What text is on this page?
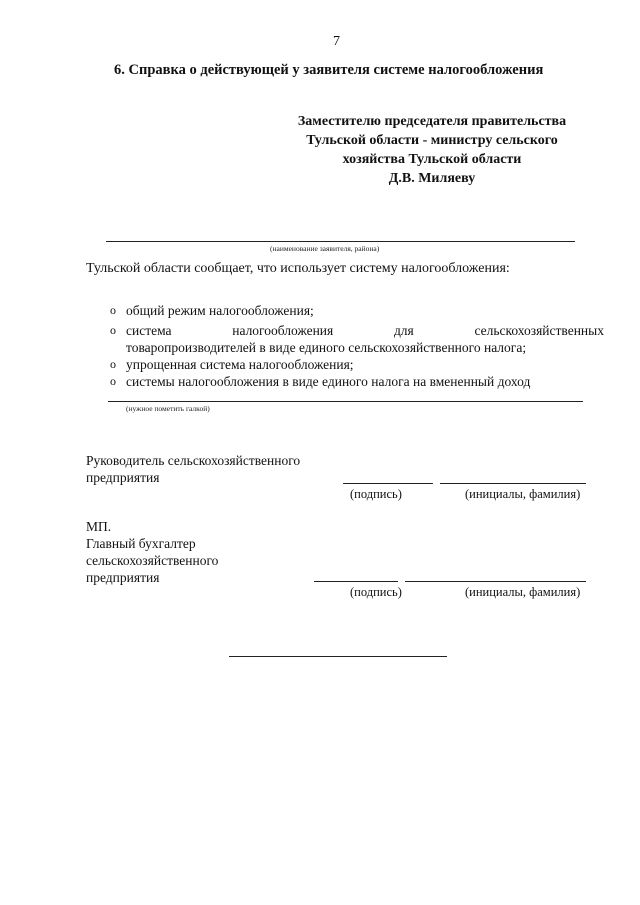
7
6. Справка о действующей у заявителя системе налогообложения
Заместителю председателя правительства
Тульской области - министру сельского
хозяйства Тульской области
Д.В. Миляеву
(наименование заявителя, района)
Тульской области сообщает, что использует систему налогообложения:
o общий режим налогообложения;
o система	налогообложения	для	сельскохозяйственных
товаропроизводителей в виде единого сельскохозяйственного налога;
o упрощенная система налогообложения;
o системы налогообложения в виде единого налога на вмененный доход
(нужное пометить галкой)
Руководитель сельскохозяйственного
предприятия
(подпись)	(инициалы, фамилия)
МП.
Главный бухгалтер
сельскохозяйственного
предприятия
(подпись)	(инициалы, фамилия)
